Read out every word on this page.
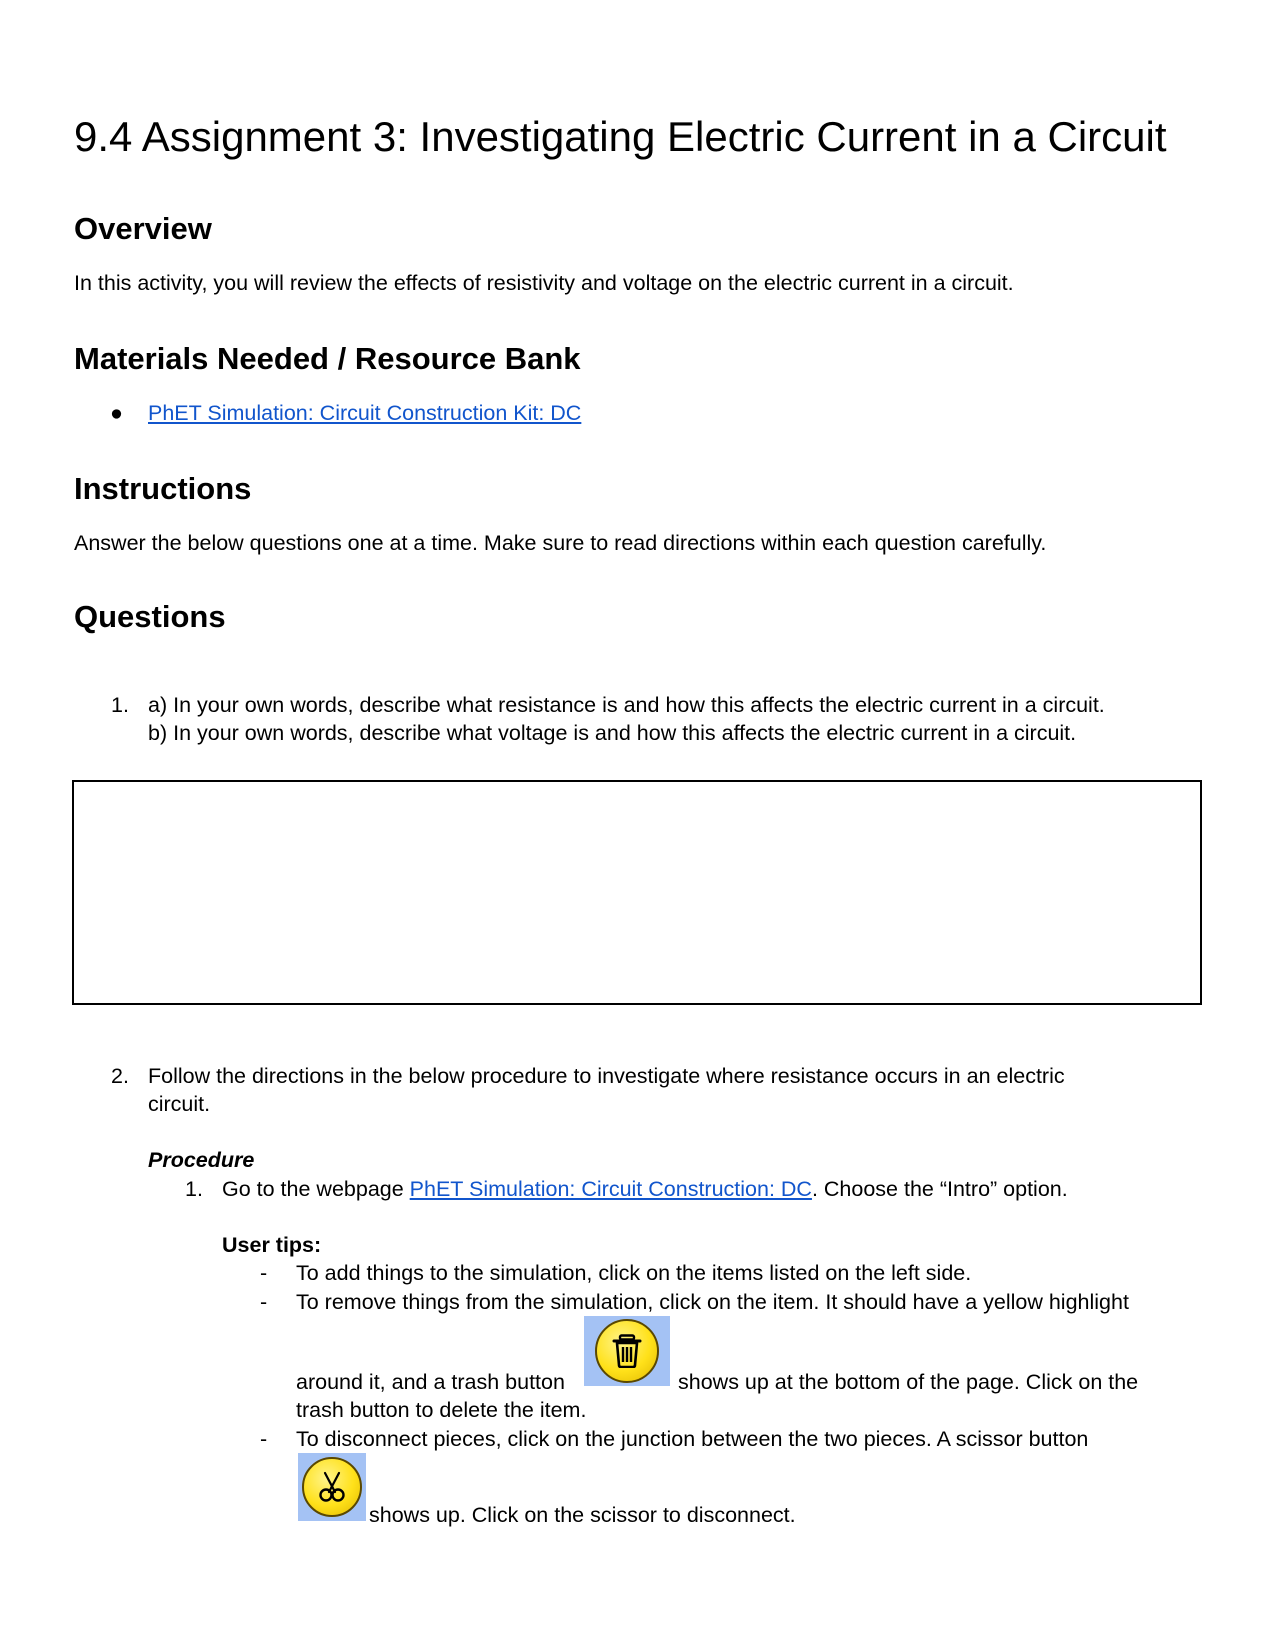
9.4 Assignment 3: Investigating Electric Current in a Circuit
Overview
In this activity, you will review the effects of resistivity and voltage on the electric current in a circuit.
Materials Needed / Resource Bank
● PhET Simulation: Circuit Construction Kit: DC
Instructions
Answer the below questions one at a time. Make sure to read directions within each question carefully.
Questions
1. a) In your own words, describe what resistance is and how this affects the electric current in a circuit.
b) In your own words, describe what voltage is and how this affects the electric current in a circuit.
2. Follow the directions in the below procedure to investigate where resistance occurs in an electric
circuit.
Procedure
1. Go to the webpage PhET Simulation: Circuit Construction: DC. Choose the “Intro” option.
User tips:
- To add things to the simulation, click on the items listed on the left side.
- To remove things from the simulation, click on the item. It should have a yellow highlight
around it, and a trash button	shows up at the bottom of the page. Click on the
trash button to delete the item.
- To disconnect pieces, click on the junction between the two pieces. A scissor button
shows up. Click on the scissor to disconnect.
